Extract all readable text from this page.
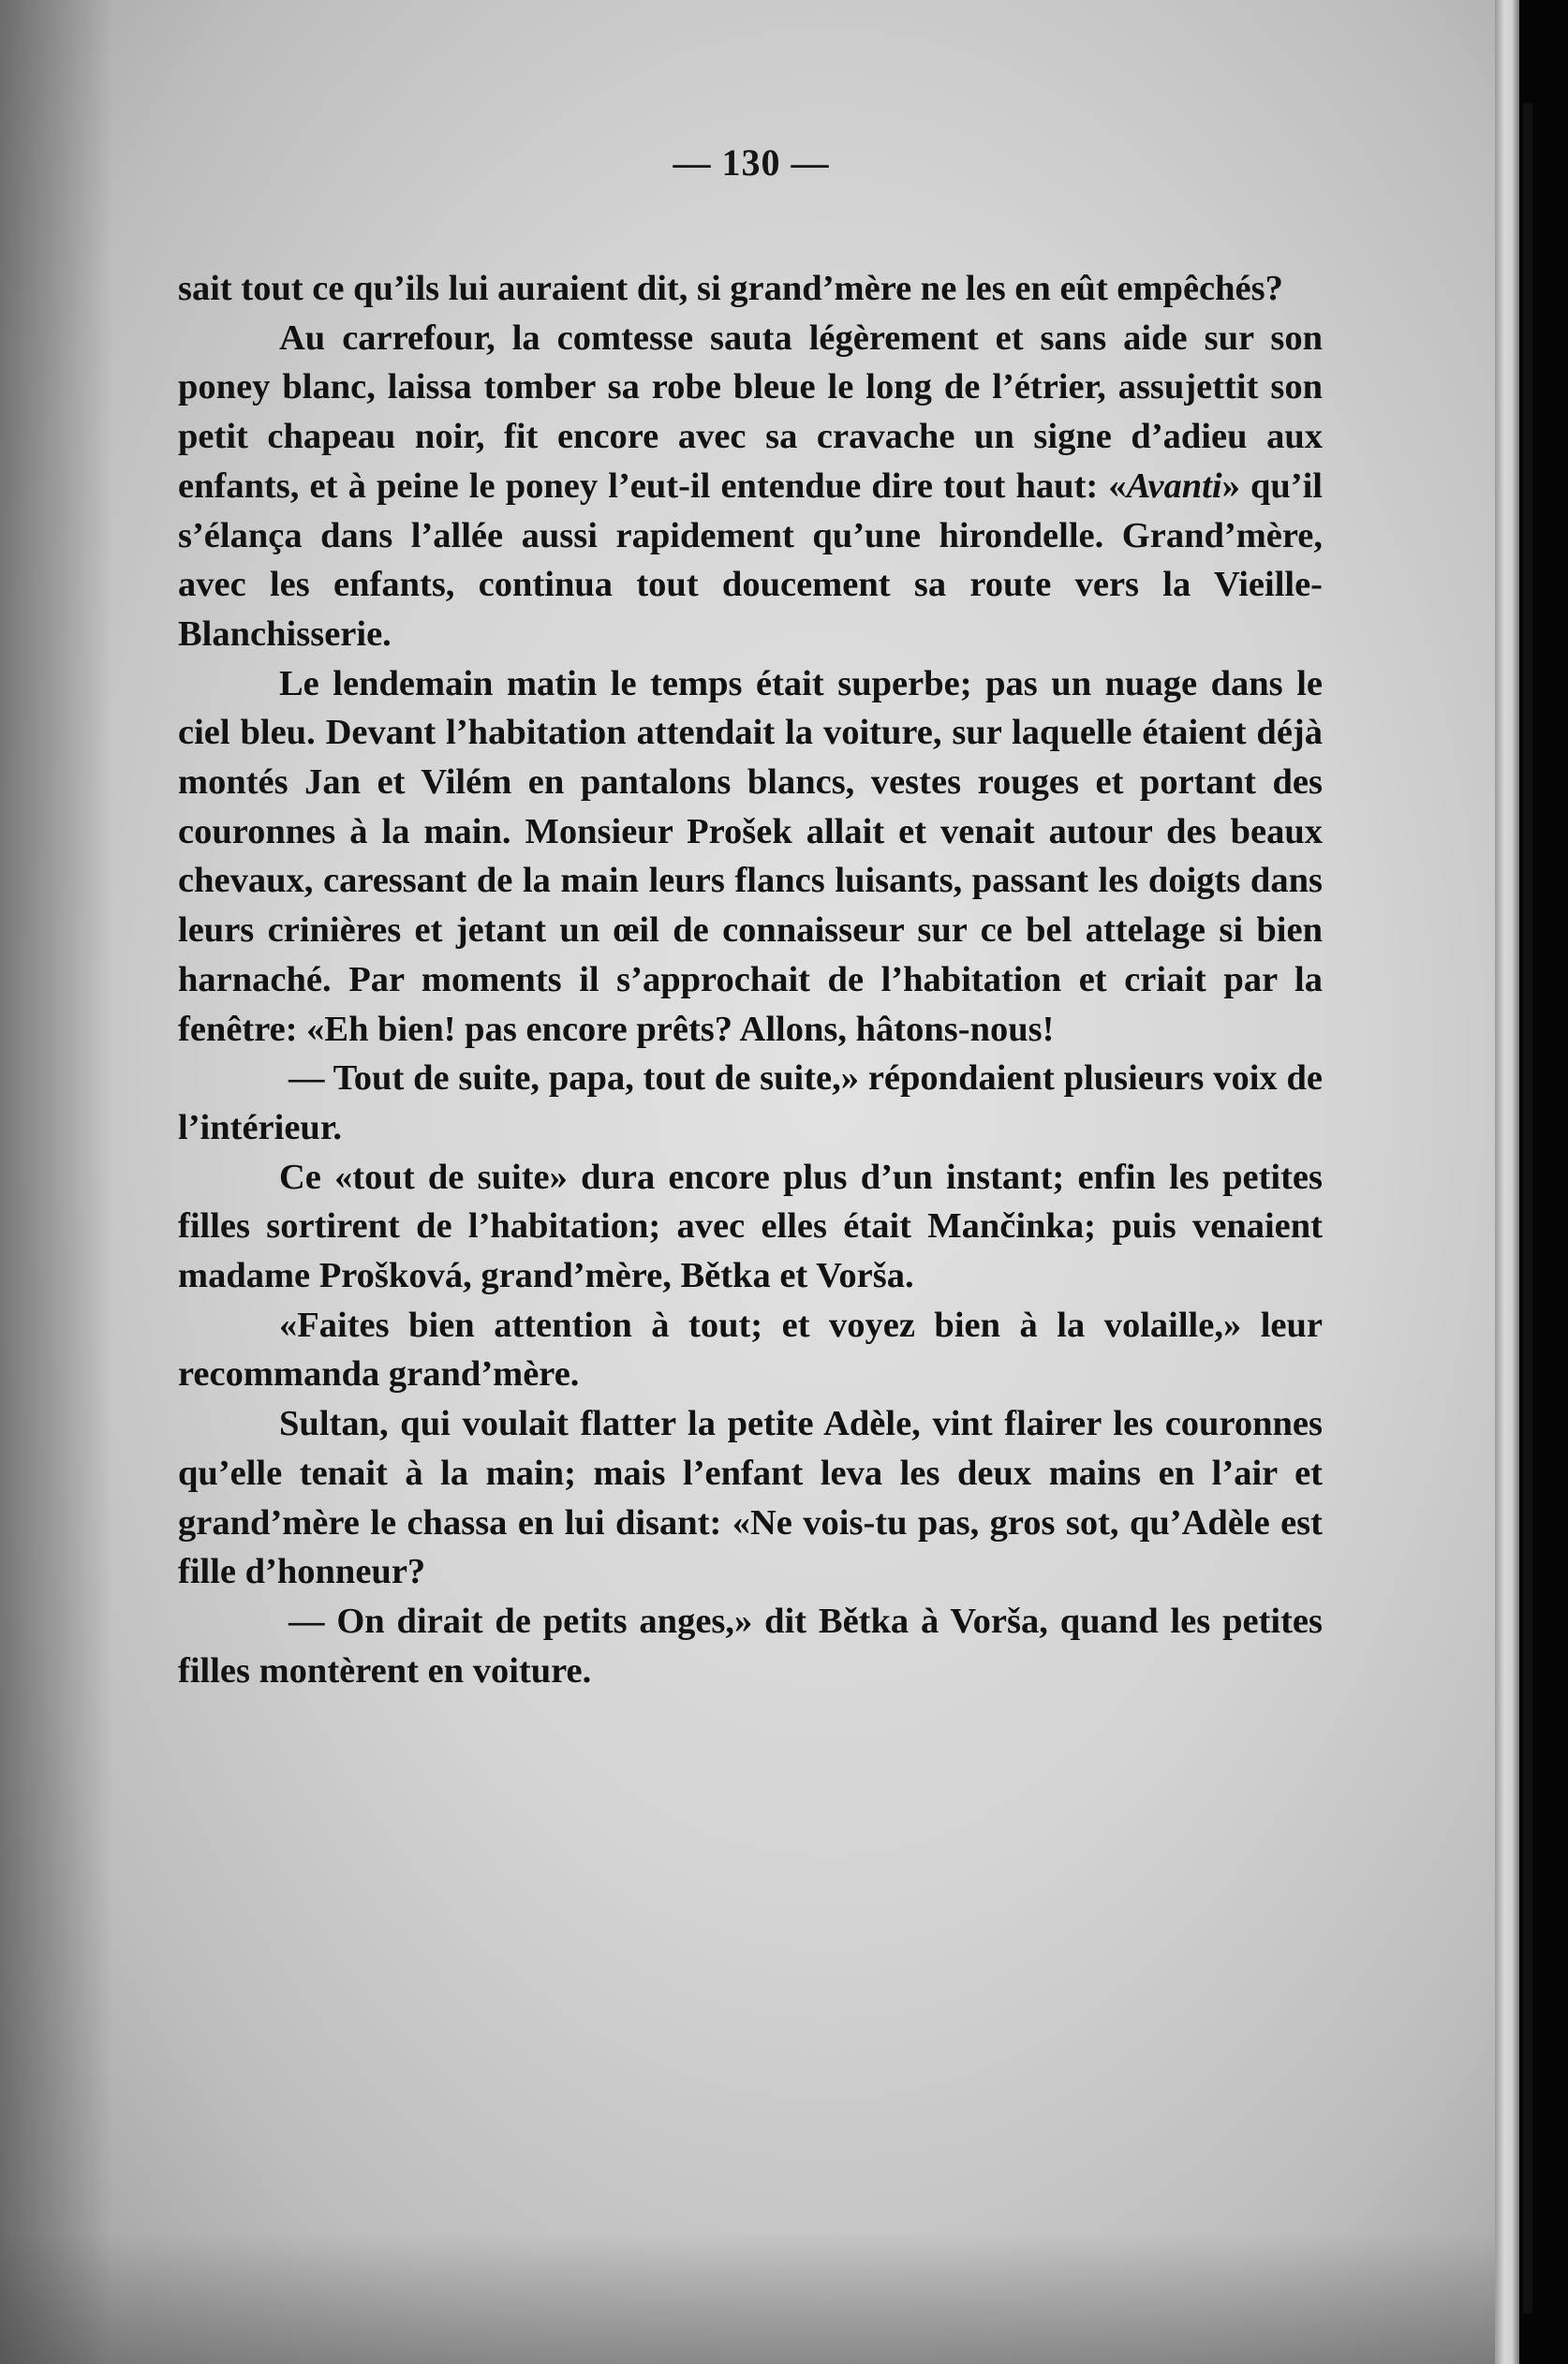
— 130 —

sait tout ce qu’ils lui auraient dit, si grand’mère ne les en eût empêchés?

Au carrefour, la comtesse sauta légèrement et sans aide sur son poney blanc, laissa tomber sa robe bleue le long de l’étrier, assujettit son petit chapeau noir, fit encore avec sa cravache un signe d’adieu aux enfants, et à peine le poney l’eut-il entendue dire tout haut: «Avanti» qu’il s’élança dans l’allée aussi rapidement qu’une hirondelle. Grand’mère, avec les enfants, continua tout doucement sa route vers la Vieille-Blanchisserie.

Le lendemain matin le temps était superbe; pas un nuage dans le ciel bleu. Devant l’habitation attendait la voiture, sur laquelle étaient déjà montés Jan et Vilém en pantalons blancs, vestes rouges et portant des couronnes à la main. Monsieur Prošek allait et venait autour des beaux chevaux, caressant de la main leurs flancs luisants, passant les doigts dans leurs crinières et jetant un œil de connaisseur sur ce bel attelage si bien harnaché. Par moments il s’approchait de l’habitation et criait par la fenêtre: «Eh bien! pas encore prêts? Allons, hâtons-nous!

— Tout de suite, papa, tout de suite,» répondaient plusieurs voix de l’intérieur.

Ce «tout de suite» dura encore plus d’un instant; enfin les petites filles sortirent de l’habitation; avec elles était Mančinka; puis venaient madame Prošková, grand’mère, Bětka et Vorša.

«Faites bien attention à tout; et voyez bien à la volaille,» leur recommanda grand’mère.

Sultan, qui voulait flatter la petite Adèle, vint flairer les couronnes qu’elle tenait à la main; mais l’enfant leva les deux mains en l’air et grand’mère le chassa en lui disant: «Ne vois-tu pas, gros sot, qu’Adèle est fille d’honneur?

— On dirait de petits anges,» dit Bětka à Vorša, quand les petites filles montèrent en voiture.
